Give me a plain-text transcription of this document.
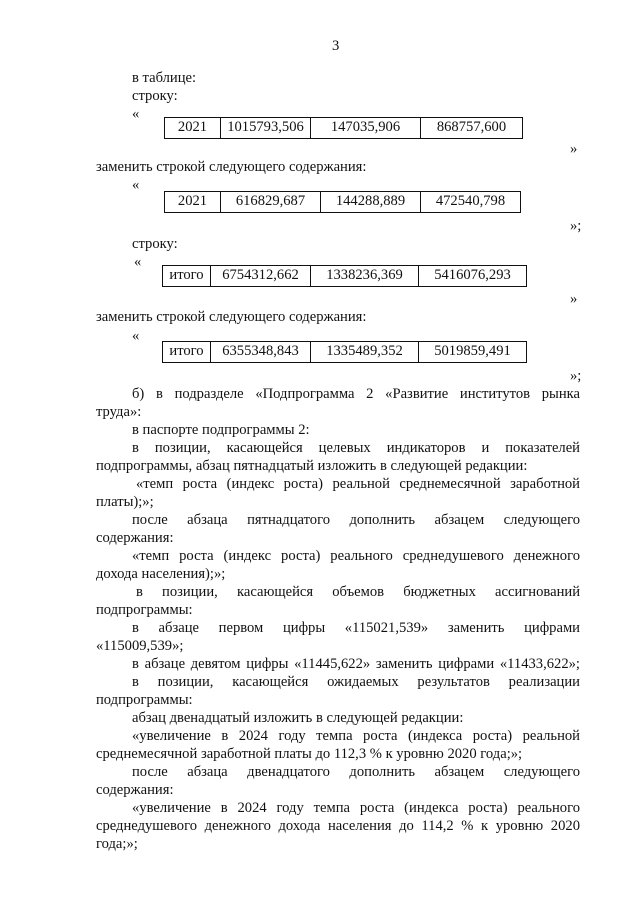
3
в таблице:
строку:
«
2021	1015793,506	147035,906	868757,600
»
заменить строкой следующего содержания:
«
2021	616829,687	144288,889	472540,798
»;
строку:
«
итого	6754312,662	1338236,369	5416076,293
»
заменить строкой следующего содержания:
«
итого	6355348,843	1335489,352	5019859,491
»;
б) в подразделе «Подпрограмма 2 «Развитие институтов рынка
труда»:
в паспорте подпрограммы 2:
в позиции, касающейся целевых индикаторов и показателей
подпрограммы, абзац пятнадцатый изложить в следующей редакции:
«темп роста (индекс роста) реальной среднемесячной заработной
платы);»;
после абзаца пятнадцатого дополнить абзацем следующего
содержания:
«темп роста (индекс роста) реального среднедушевого денежного
дохода населения);»;
в позиции, касающейся объемов бюджетных ассигнований
подпрограммы:
в абзаце первом цифры «115021,539» заменить цифрами
«115009,539»;
в абзаце девятом цифры «11445,622» заменить цифрами «11433,622»;
в позиции, касающейся ожидаемых результатов реализации
подпрограммы:
абзац двенадцатый изложить в следующей редакции:
«увеличение в 2024 году темпа роста (индекса роста) реальной
среднемесячной заработной платы до 112,3 % к уровню 2020 года;»;
после абзаца двенадцатого дополнить абзацем следующего
содержания:
«увеличение в 2024 году темпа роста (индекса роста) реального
среднедушевого денежного дохода населения до 114,2 % к уровню 2020
года;»;
